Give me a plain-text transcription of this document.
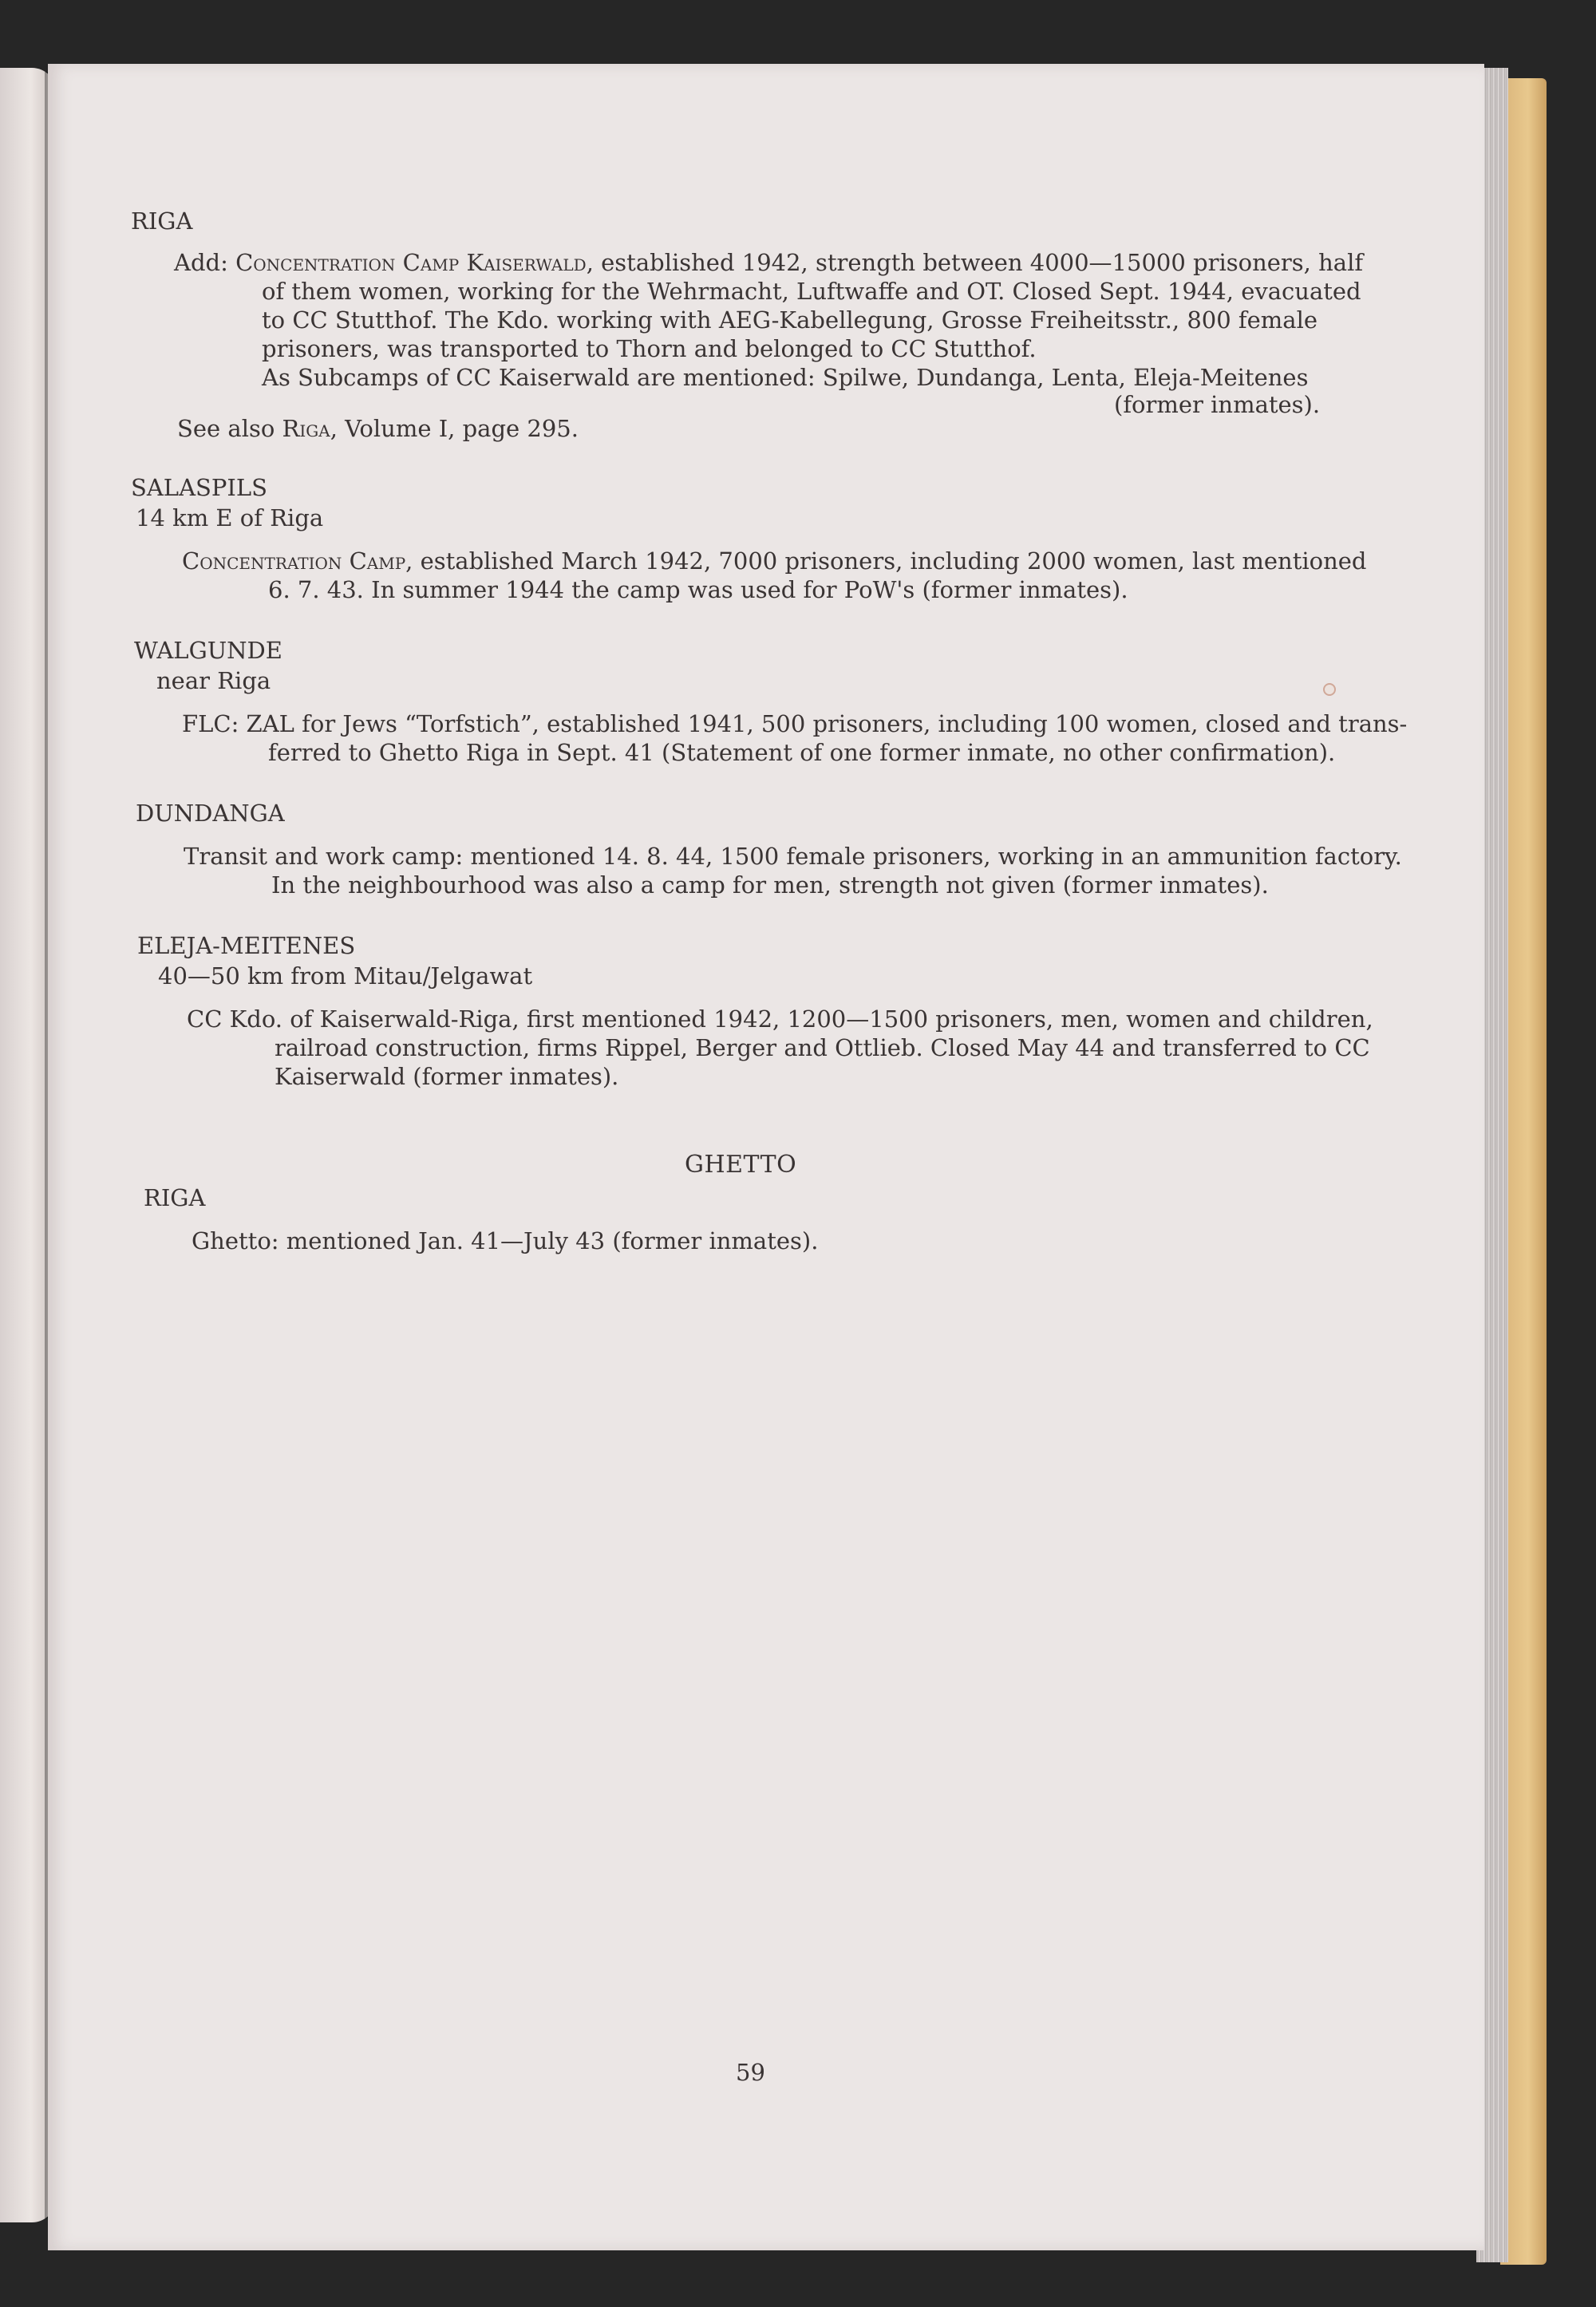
RIGA
Add: Concentration Camp Kaiserwald, established 1942, strength between 4000—15000 prisoners, half
of them women, working for the Wehrmacht, Luftwaffe and OT. Closed Sept. 1944, evacuated
to CC Stutthof. The Kdo. working with AEG-Kabellegung, Grosse Freiheitsstr., 800 female
prisoners, was transported to Thorn and belonged to CC Stutthof.
As Subcamps of CC Kaiserwald are mentioned: Spilwe, Dundanga, Lenta, Eleja-Meitenes
(former inmates).
See also Riga, Volume I, page 295.
SALASPILS
14 km E of Riga
Concentration Camp, established March 1942, 7000 prisoners, including 2000 women, last mentioned
6. 7. 43. In summer 1944 the camp was used for PoW's (former inmates).
WALGUNDE
near Riga
FLC: ZAL for Jews “Torfstich”, established 1941, 500 prisoners, including 100 women, closed and trans-
ferred to Ghetto Riga in Sept. 41 (Statement of one former inmate, no other confirmation).
DUNDANGA
Transit and work camp: mentioned 14. 8. 44, 1500 female prisoners, working in an ammunition factory.
In the neighbourhood was also a camp for men, strength not given (former inmates).
ELEJA-MEITENES
40—50 km from Mitau/Jelgawat
CC Kdo. of Kaiserwald-Riga, first mentioned 1942, 1200—1500 prisoners, men, women and children,
railroad construction, firms Rippel, Berger and Ottlieb. Closed May 44 and transferred to CC
Kaiserwald (former inmates).
GHETTO
RIGA
Ghetto: mentioned Jan. 41—July 43 (former inmates).
59
